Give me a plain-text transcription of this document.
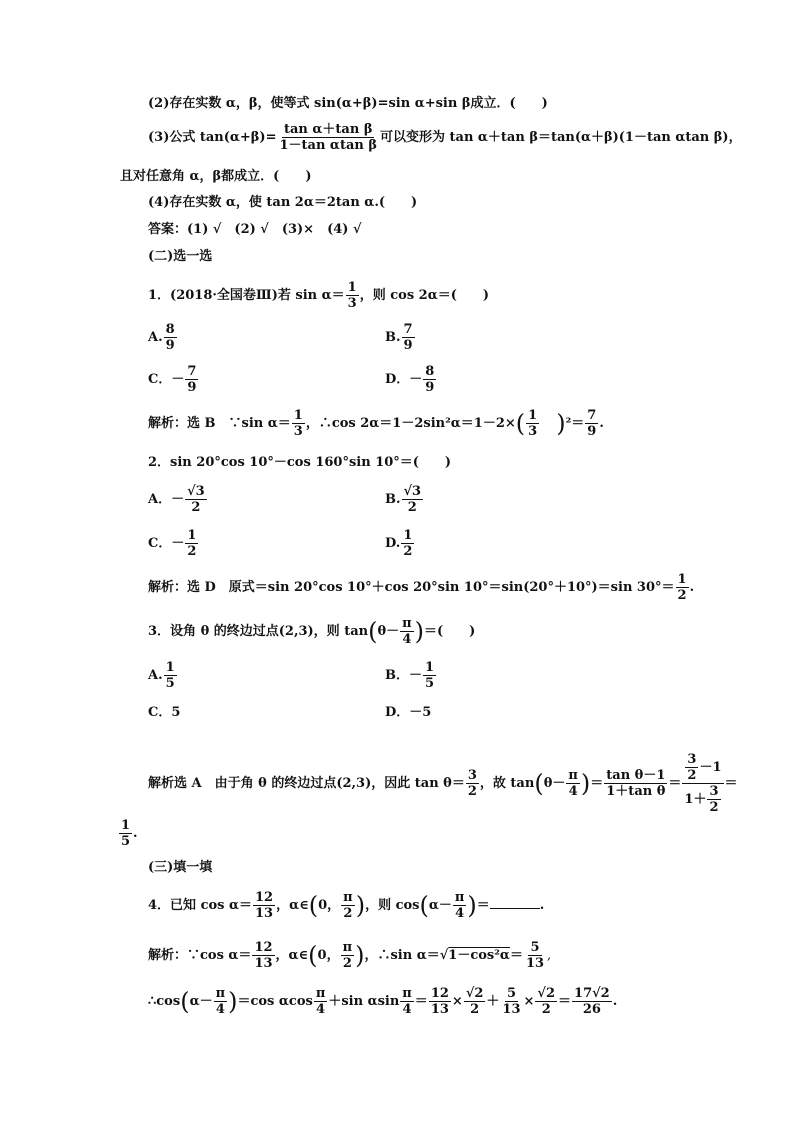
(2)存在实数 α，β，使等式 sin(α+β)=sin α+sin β成立．(　　)
(3)公式 $\tan(\alpha+\beta)= \frac{\text{tan α＋tan β}}{\text{1－tan αtan β}}$ 可以变形为 tan α＋tan β＝tan(α＋β)(1－tan αtan β)，
且对任意角 α，β都成立．(　　)
(4)存在实数 α，使 tan 2α＝2tan α.(　　)
答案：(1) √　(2) √　(3)×　(4) √
(二)选一选
1．(2018·全国卷Ⅲ)若 $\sin \alpha= \frac{1}{3}$ ，则 cos 2α＝(　　)
A. $\frac{8}{9}$	B. $\frac{7}{9}$
C．－ $\frac{7}{9}$	D．－ $\frac{8}{9}$
解析：选 B　∵sin $\alpha= \frac{1}{3}$ ，∴cos $2\alpha=1-2\sin^2\alpha=1-2\times( \frac{1}{3} )^2= \frac{7}{9}$ .
2．sin 20°cos 10°－cos 160°sin 10°＝(　　)
A．－ $\frac{√3}{2}$	B. $\frac{√3}{2}$
C．－ $\frac{1}{2}$	D. $\frac{1}{2}$
解析：选 D　原式＝sin 20°cos 10°＋cos 20°sin 10°＝sin(20°＋10°)＝sin $30^\circ= \frac{1}{2}$ .
3．设角 θ 的终边过点(2,3)，则 $\tan(\theta- \frac{\pi}{4}$ )＝(　　)
A. $\frac{1}{5}$	B．－ $\frac{1}{5}$
C．5	D．－5
解析选 A　由于角 θ 的终边过点(2,3)，因此 $\tan \theta= \frac{3}{2}$ ，故 $\tan(\theta- \frac{\pi}{4}$ )＝ $\frac{\text{tan θ－1}}{\text{1＋tan θ}} = \frac{\frac{3}{2} -1}{1+ \frac{3}{2}}$ ＝
$\frac{1}{5}$ .
(三)填一填
4．已知 $\cos \alpha= \frac{12}{13}$ ，α∈(0， $\frac{\pi}{2}$ )，则 $\cos(\alpha- \frac{\pi}{4}$ )＝	.
解析：∵cos $\alpha= \frac{12}{13}$ ，α∈(0， $\frac{\pi}{2}$ )，∴sin $\alpha=√1-\cos^2\alpha= \frac{5}{13}$ ,
∴cos(α－ $\frac{\pi}{4} )=\cos$ αcos $\frac{\pi}{4} +\sin$ αsin $\frac{\pi}{4} = \frac{12}{13} \times \frac{√2}{2} + \frac{5}{13} \times \frac{√2}{2} = \frac{17√2}{26}$ .
